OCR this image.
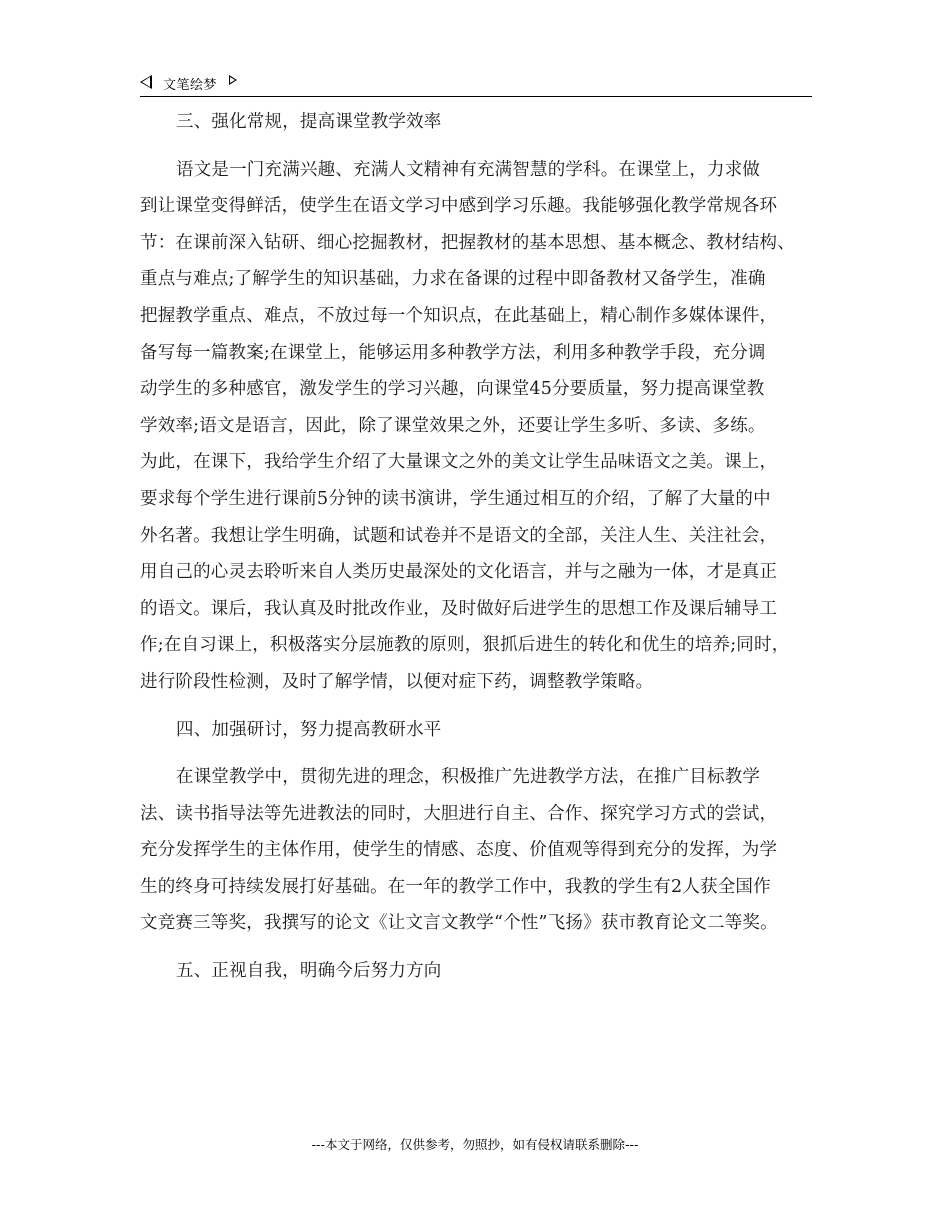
文笔绘梦
三、强化常规，提高课堂教学效率
语文是一门充满兴趣、充满人文精神有充满智慧的学科。在课堂上，力求做
到让课堂变得鲜活，使学生在语文学习中感到学习乐趣。我能够强化教学常规各环
节：在课前深入钻研、细心挖掘教材，把握教材的基本思想、基本概念、教材结构、
重点与难点;了解学生的知识基础，力求在备课的过程中即备教材又备学生，准确
把握教学重点、难点，不放过每一个知识点，在此基础上，精心制作多媒体课件，
备写每一篇教案;在课堂上，能够运用多种教学方法，利用多种教学手段，充分调
动学生的多种感官，激发学生的学习兴趣，向课堂45分要质量，努力提高课堂教
学效率;语文是语言，因此，除了课堂效果之外，还要让学生多听、多读、多练。
为此，在课下，我给学生介绍了大量课文之外的美文让学生品味语文之美。课上，
要求每个学生进行课前5分钟的读书演讲，学生通过相互的介绍，了解了大量的中
外名著。我想让学生明确，试题和试卷并不是语文的全部，关注人生、关注社会，
用自己的心灵去聆听来自人类历史最深处的文化语言，并与之融为一体，才是真正
的语文。课后，我认真及时批改作业，及时做好后进学生的思想工作及课后辅导工
作;在自习课上，积极落实分层施教的原则，狠抓后进生的转化和优生的培养;同时，
进行阶段性检测，及时了解学情，以便对症下药，调整教学策略。
四、加强研讨，努力提高教研水平
在课堂教学中，贯彻先进的理念，积极推广先进教学方法，在推广目标教学
法、读书指导法等先进教法的同时，大胆进行自主、合作、探究学习方式的尝试，
充分发挥学生的主体作用，使学生的情感、态度、价值观等得到充分的发挥，为学
生的终身可持续发展打好基础。在一年的教学工作中，我教的学生有2人获全国作
文竞赛三等奖，我撰写的论文《让文言文教学“个性”飞扬》获市教育论文二等奖。
五、正视自我，明确今后努力方向
---本文于网络，仅供参考，勿照抄，如有侵权请联系删除---
